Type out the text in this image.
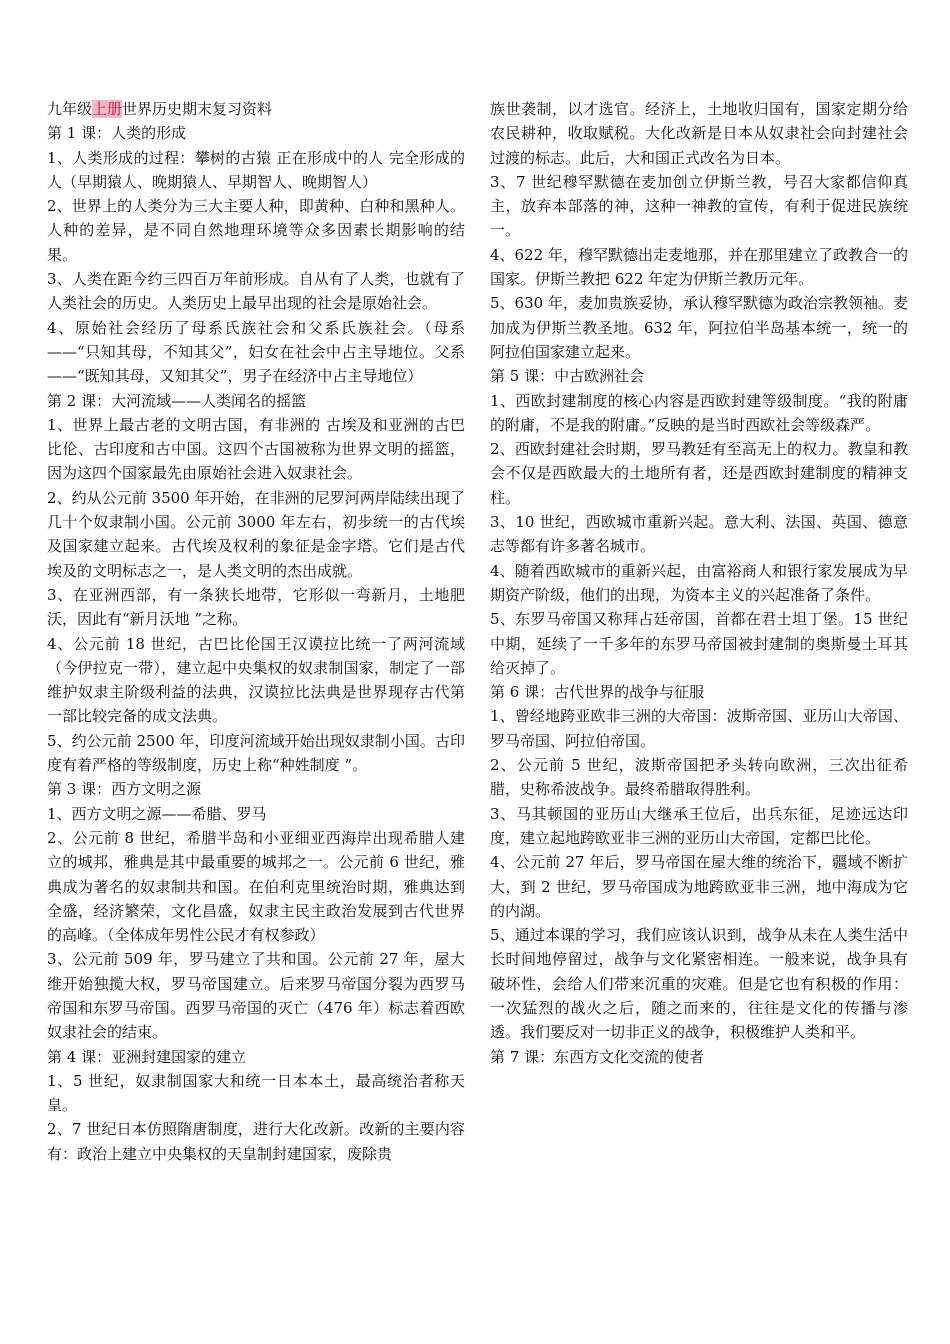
九年级上册世界历史期末复习资料
第 1 课：人类的形成

1、人类形成的过程：攀树的古猿 正在形成中的人 完全形成的人（早期猿人、晚期猿人、早期智人、晚期智人）

2、世界上的人类分为三大主要人种，即黄种、白种和黑种人。人种的差异，是不同自然地理环境等众多因素长期影响的结果。

3、人类在距今约三四百万年前形成。自从有了人类，也就有了人类社会的历史。人类历史上最早出现的社会是原始社会。

4、原始社会经历了母系氏族社会和父系氏族社会。（母系——“只知其母，不知其父”，妇女在社会中占主导地位。父系——“既知其母，又知其父”，男子在经济中占主导地位）

第 2 课：大河流域——人类闻名的摇篮

1、世界上最古老的文明古国，有非洲的 古埃及和亚洲的古巴比伦、古印度和古中国。这四个古国被称为世界文明的摇篮，因为这四个国家最先由原始社会进入奴隶社会。

2、约从公元前 3500 年开始，在非洲的尼罗河两岸陆续出现了几十个奴隶制小国。公元前 3000 年左右，初步统一的古代埃及国家建立起来。古代埃及权利的象征是金字塔。它们是古代埃及的文明标志之一，是人类文明的杰出成就。

3、在亚洲西部，有一条狭长地带，它形似一弯新月，土地肥沃，因此有“新月沃地 ”之称。

4、公元前 18 世纪，古巴比伦国王汉谟拉比统一了两河流域（今伊拉克一带），建立起中央集权的奴隶制国家，制定了一部维护奴隶主阶级利益的法典，汉谟拉比法典是世界现存古代第一部比较完备的成文法典。

5、约公元前 2500 年，印度河流域开始出现奴隶制小国。古印度有着严格的等级制度，历史上称“种姓制度 ”。

第 3 课：西方文明之源

1、西方文明之源——希腊、罗马

2、公元前 8 世纪，希腊半岛和小亚细亚西海岸出现希腊人建立的城邦，雅典是其中最重要的城邦之一。公元前 6 世纪，雅典成为著名的奴隶制共和国。在伯利克里统治时期，雅典达到全盛，经济繁荣，文化昌盛，奴隶主民主政治发展到古代世界的高峰。（全体成年男性公民才有权参政）

3、公元前 509 年，罗马建立了共和国。公元前 27 年，屋大维开始独揽大权，罗马帝国建立。后来罗马帝国分裂为西罗马帝国和东罗马帝国。西罗马帝国的灭亡（476 年）标志着西欧奴隶社会的结束。

第 4 课：亚洲封建国家的建立

1、5 世纪，奴隶制国家大和统一日本本土，最高统治者称天皇。

2、7 世纪日本仿照隋唐制度，进行大化改新。改新的主要内容有：政治上建立中央集权的天皇制封建国家，废除贵

族世袭制，以才选官。经济上，土地收归国有，国家定期分给农民耕种，收取赋税。大化改新是日本从奴隶社会向封建社会过渡的标志。此后，大和国正式改名为日本。

3、7 世纪穆罕默德在麦加创立伊斯兰教，号召大家都信仰真主，放弃本部落的神，这种一神教的宣传，有利于促进民族统一。

4、622 年，穆罕默德出走麦地那，并在那里建立了政教合一的国家。伊斯兰教把 622 年定为伊斯兰教历元年。

5、630 年，麦加贵族妥协，承认穆罕默德为政治宗教领袖。麦加成为伊斯兰教圣地。632 年，阿拉伯半岛基本统一，统一的阿拉伯国家建立起来。

第 5 课：中古欧洲社会

1、西欧封建制度的核心内容是西欧封建等级制度。“我的附庸的附庸，不是我的附庸。”反映的是当时西欧社会等级森严。

2、西欧封建社会时期，罗马教廷有至高无上的权力。教皇和教会不仅是西欧最大的土地所有者，还是西欧封建制度的精神支柱。

3、10 世纪，西欧城市重新兴起。意大利、法国、英国、德意志等都有许多著名城市。

4、随着西欧城市的重新兴起，由富裕商人和银行家发展成为早期资产阶级，他们的出现，为资本主义的兴起准备了条件。

5、东罗马帝国又称拜占廷帝国，首都在君士坦丁堡。15 世纪中期，延续了一千多年的东罗马帝国被封建制的奥斯曼土耳其给灭掉了。

第 6 课：古代世界的战争与征服

1、曾经地跨亚欧非三洲的大帝国：波斯帝国、亚历山大帝国、罗马帝国、阿拉伯帝国。

2、公元前 5 世纪，波斯帝国把矛头转向欧洲，三次出征希腊，史称希波战争。最终希腊取得胜利。

3、马其顿国的亚历山大继承王位后，出兵东征，足迹远达印度，建立起地跨欧亚非三洲的亚历山大帝国，定都巴比伦。

4、公元前 27 年后，罗马帝国在屋大维的统治下，疆域不断扩大，到 2 世纪，罗马帝国成为地跨欧亚非三洲，地中海成为它的内湖。

5、通过本课的学习，我们应该认识到，战争从未在人类生活中长时间地停留过，战争与文化紧密相连。一般来说，战争具有破坏性，会给人们带来沉重的灾难。但是它也有积极的作用：一次猛烈的战火之后，随之而来的，往往是文化的传播与渗透。我们要反对一切非正义的战争，积极维护人类和平。

第 7 课：东西方文化交流的使者
